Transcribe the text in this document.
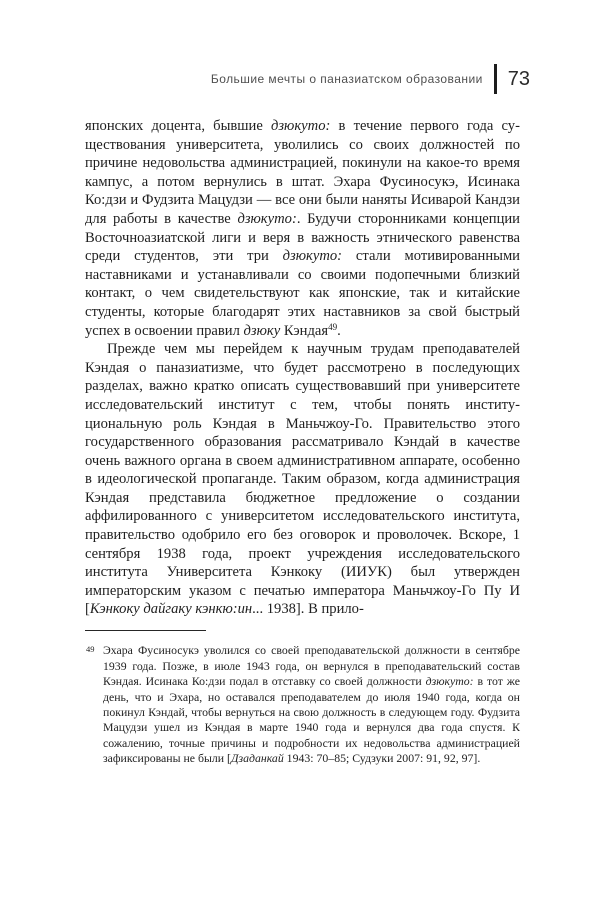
Большие мечты о паназиатском образовании 73

японских доцента, бывшие дзюкуто: в течение первого года существования университета, уволились со своих должностей по причине недовольства администрацией, покинули на какое-то время кампус, а потом вернулись в штат. Эхара Фусиносукэ, Исинака Ко:дзи и Фудзита Мацудзи — все они были наняты Исиварой Кандзи для работы в качестве дзюкуто:. Будучи сторонниками концепции Восточноазиатской лиги и веря в важность этнического равенства среди студентов, эти три дзюкуто: стали мотивированными наставниками и устанавливали со своими подопечными близкий контакт, о чем свидетельствуют как японские, так и китайские студенты, которые благодарят этих наставников за свой быстрый успех в освоении правил дзюку Кэндая$^{49}$.

Прежде чем мы перейдем к научным трудам преподавателей Кэндая о паназиатизме, что будет рассмотрено в последующих разделах, важно кратко описать существовавший при университете исследовательский институт с тем, чтобы понять институциональную роль Кэндая в Маньчжоу-Го. Правительство этого государственного образования рассматривало Кэндай в качестве очень важного органа в своем административном аппарате, особенно в идеологической пропаганде. Таким образом, когда администрация Кэндая представила бюджетное предложение о создании аффилированного с университетом исследовательского института, правительство одобрило его без оговорок и проволочек. Вскоре, 1 сентября 1938 года, проект учреждения исследовательского института Университета Кэнкоку (ИИУК) был утвержден императорским указом с печатью императора Маньчжоу-Го Пу И [Кэнкоку дайгаку кэнкю:ин... 1938]. В прило-

49 Эхара Фусиносукэ уволился со своей преподавательской должности в сентябре 1939 года. Позже, в июле 1943 года, он вернулся в преподавательский состав Кэндая. Исинака Ко:дзи подал в отставку со своей должности дзюкуто: в тот же день, что и Эхара, но оставался преподавателем до июля 1940 года, когда он покинул Кэндай, чтобы вернуться на свою должность в следующем году. Фудзита Мацудзи ушел из Кэндая в марте 1940 года и вернулся два года спустя. К сожалению, точные причины и подробности их недовольства администрацией зафиксированы не были [Дзаданкай 1943: 70–85; Судзуки 2007: 91, 92, 97].
